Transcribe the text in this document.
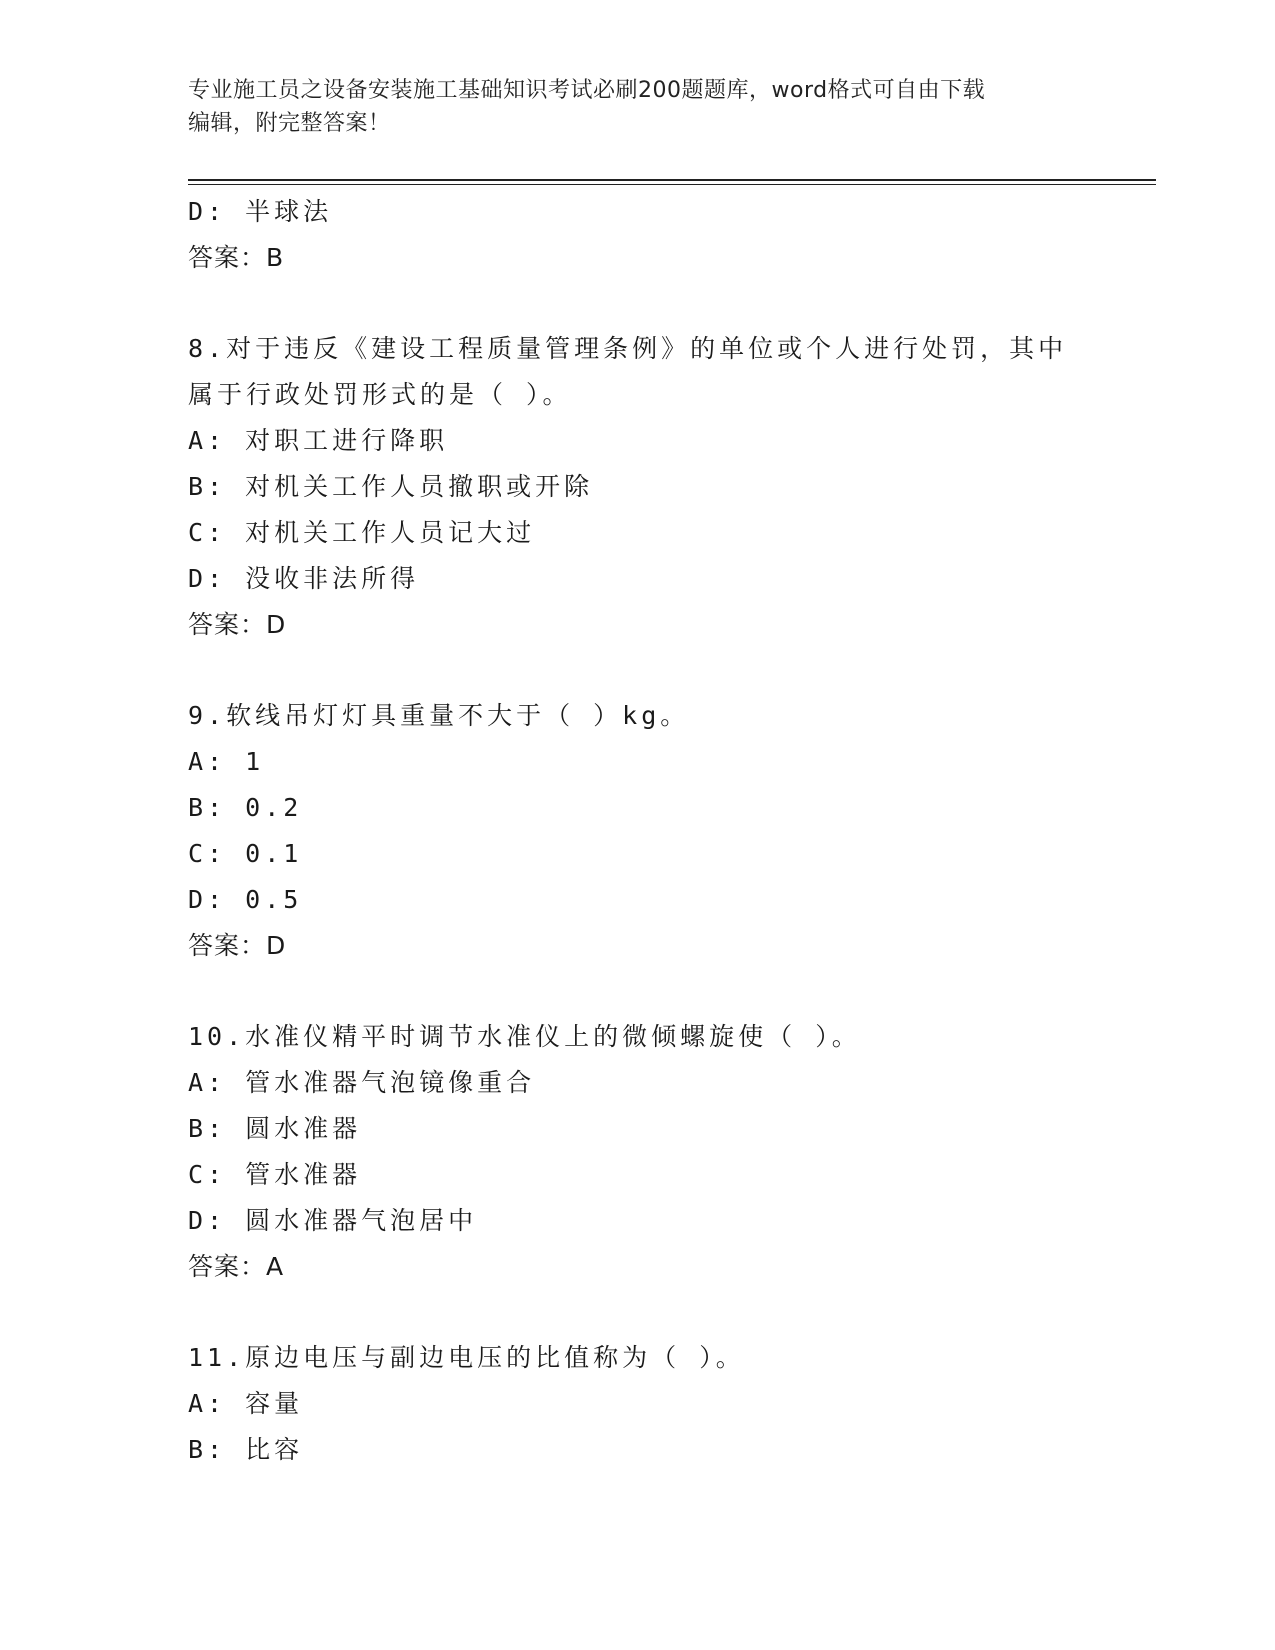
专业施工员之设备安装施工基础知识考试必刷200题题库，word格式可自由下载
编辑，附完整答案！
D: 半球法
答案：B
8.对于违反《建设工程质量管理条例》的单位或个人进行处罚，其中
属于行政处罚形式的是（ ）。
A: 对职工进行降职
B: 对机关工作人员撤职或开除
C: 对机关工作人员记大过
D: 没收非法所得
答案：D
9.软线吊灯灯具重量不大于（ ）kg。
A: 1
B: 0.2
C: 0.1
D: 0.5
答案：D
10.水准仪精平时调节水准仪上的微倾螺旋使（ ）。
A: 管水准器气泡镜像重合
B: 圆水准器
C: 管水准器
D: 圆水准器气泡居中
答案：A
11.原边电压与副边电压的比值称为（ ）。
A: 容量
B: 比容
